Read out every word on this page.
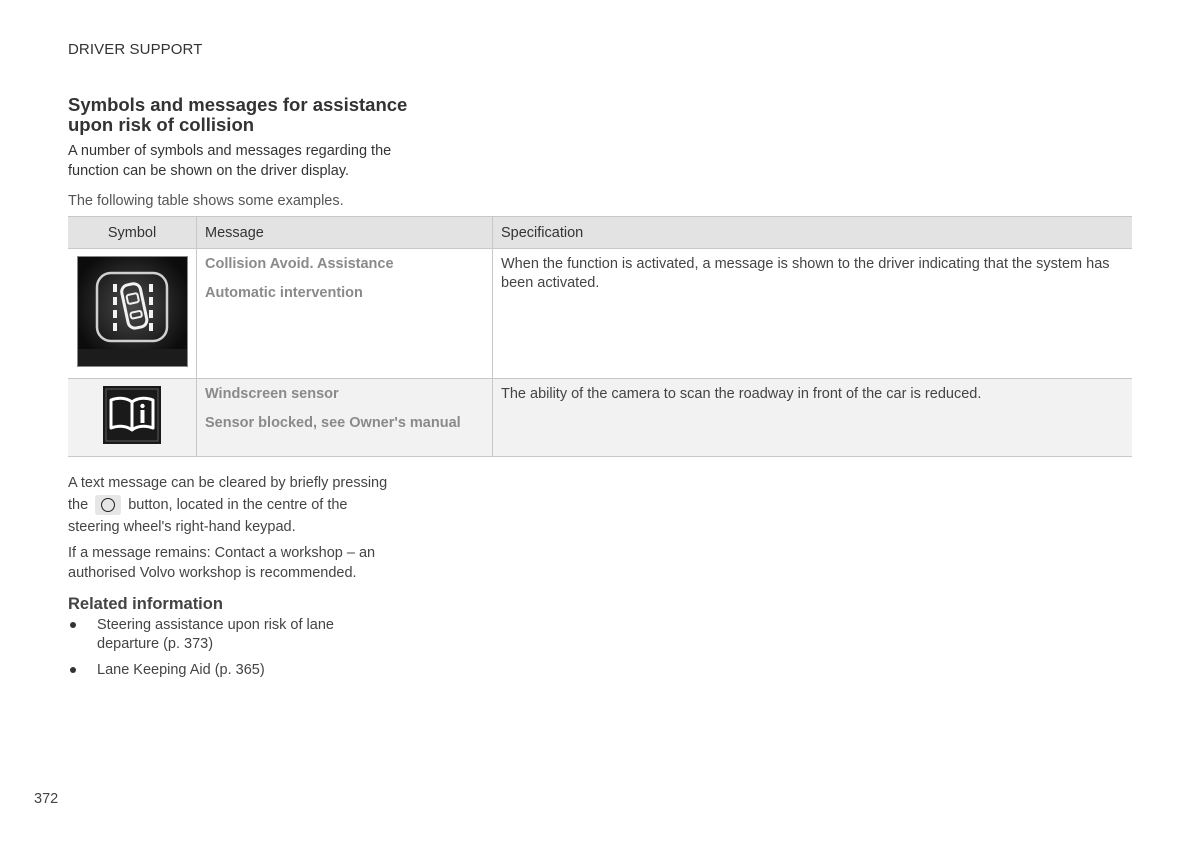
DRIVER SUPPORT
Symbols and messages for assistance upon risk of collision

A number of symbols and messages regarding the function can be shown on the driver display.

The following table shows some examples.

Symbol	Message	Specification

Collision Avoid. Assistance

Automatic intervention	When the function is activated, a message is shown to the driver indicating that the system has been activated.

Windscreen sensor

Sensor blocked, see Owner's manual	The ability of the camera to scan the roadway in front of the car is reduced.

A text message can be cleared by briefly pressing the	button, located in the centre of the steering wheel's right-hand keypad.

If a message remains: Contact a workshop – an authorised Volvo workshop is recommended.

Related information
Steering assistance upon risk of lane departure (p. 373)
Lane Keeping Aid (p. 365)
372
